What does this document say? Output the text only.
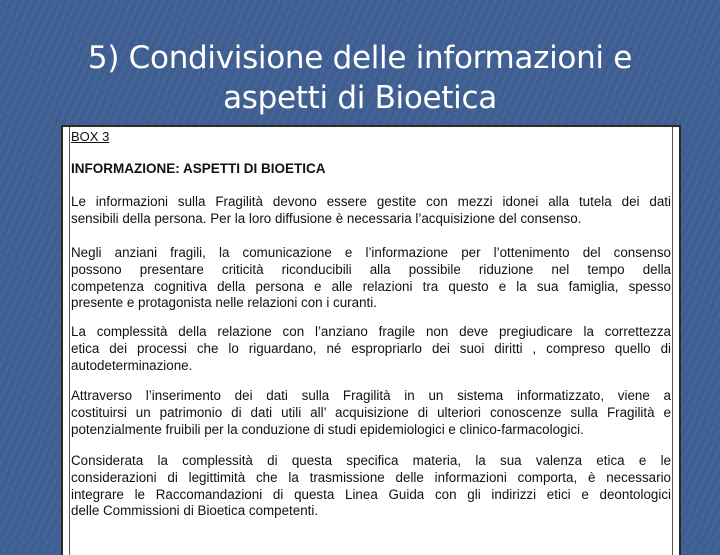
5) Condivisione delle informazioni e
aspetti di Bioetica
BOX 3
INFORMAZIONE: ASPETTI DI BIOETICA
Le informazioni sulla Fragilità devono essere gestite con mezzi idonei alla tutela dei dati
sensibili della persona. Per la loro diffusione è necessaria l’acquisizione del consenso.
Negli anziani fragili, la comunicazione e l’informazione per l’ottenimento del consenso
possono presentare criticità riconducibili alla possibile riduzione nel tempo della
competenza cognitiva della persona e alle relazioni tra questo e la sua famiglia, spesso
presente e protagonista nelle relazioni con i curanti.
La complessità della relazione con l’anziano fragile non deve pregiudicare la correttezza
etica dei processi che lo riguardano, né espropriarlo dei suoi diritti , compreso quello di
autodeterminazione.
Attraverso l’inserimento dei dati sulla Fragilità in un sistema informatizzato, viene a
costituirsi un patrimonio di dati utili all’ acquisizione di ulteriori conoscenze sulla Fragilità e
potenzialmente fruibili per la conduzione di studi epidemiologici e clinico-farmacologici.
Considerata la complessità di questa specifica materia, la sua valenza etica e le
considerazioni di legittimità che la trasmissione delle informazioni comporta, è necessario
integrare le Raccomandazioni di questa Linea Guida con gli indirizzi etici e deontologici
delle Commissioni di Bioetica competenti.
